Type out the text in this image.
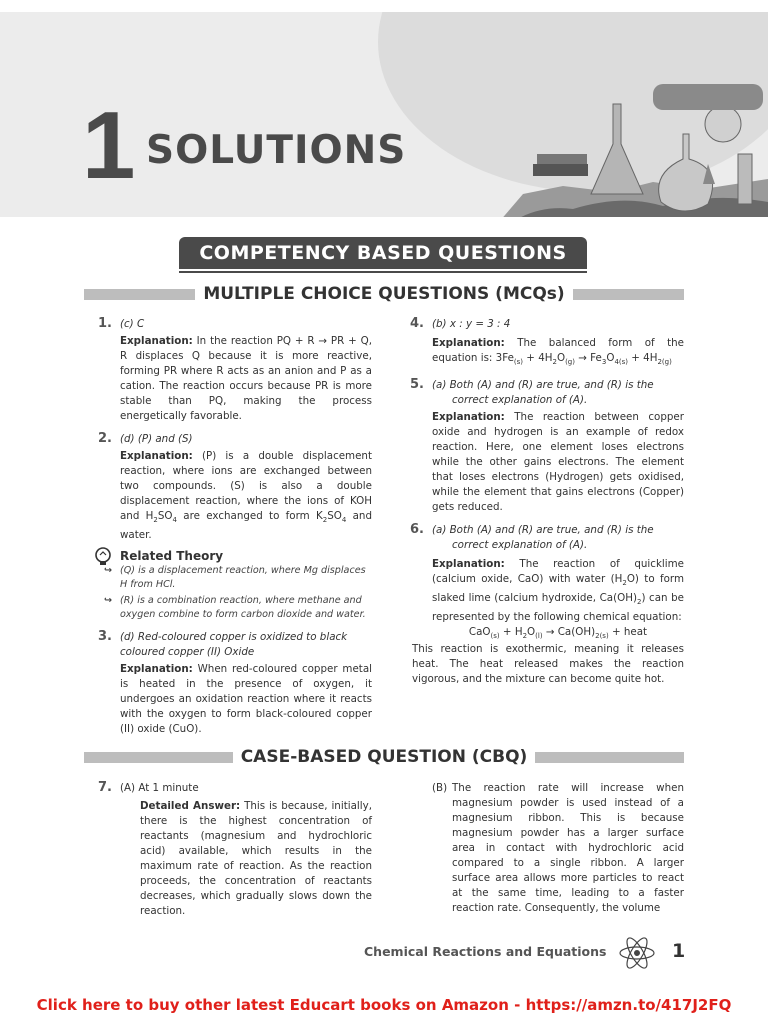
1 SOLUTIONS
COMPETENCY BASED QUESTIONS
MULTIPLE CHOICE QUESTIONS (MCQs)
1. (c) C

Explanation: In the reaction PQ + R → PR + Q, R displaces Q because it is more reactive, forming PR where R acts as an anion and P as a cation. The reaction occurs because PR is more stable than PQ, making the process energetically favorable.

2. (d) (P) and (S)

Explanation: (P) is a double displacement reaction, where ions are exchanged between two compounds. (S) is also a double displacement reaction, where the ions of KOH and $H_2SO_4$ are exchanged to form $K_2SO_4$ and water.

Related Theory
↪ (Q) is a displacement reaction, where Mg displaces H from HCl.
↪ (R) is a combination reaction, where methane and oxygen combine to form carbon dioxide and water.
3. (d) Red-coloured copper is oxidized to black coloured copper (II) Oxide

Explanation: When red-coloured copper metal is heated in the presence of oxygen, it undergoes an oxidation reaction where it reacts with the oxygen to form black-coloured copper (II) oxide (CuO).

4. (b) x : y = 3 : 4

Explanation: The balanced form of the equation is: $3Fe_{(s)} + 4H_2O_{(g)} \to Fe_3O_{4(s)} + 4H_{2(g)}$

5. (a) Both (A) and (R) are true, and (R) is the correct explanation of (A).

Explanation: The reaction between copper oxide and hydrogen is an example of redox reaction. Here, one element loses electrons while the other gains electrons. The element that loses electrons (Hydrogen) gets oxidised, while the element that gains electrons (Copper) gets reduced.

6. (a) Both (A) and (R) are true, and (R) is the correct explanation of (A).

Explanation: The reaction of quicklime (calcium oxide, CaO) with water $(H_2O)$ to form slaked lime (calcium hydroxide, $Ca(OH)_2$) can be represented by the following chemical equation:

$CaO_{(s)} + H_2O_{(l)} \to Ca(OH)_{2(s)}$ + heat

This reaction is exothermic, meaning it releases heat. The heat released makes the reaction vigorous, and the mixture can become quite hot.

CASE-BASED QUESTION (CBQ)
7. (A) At 1 minute

Detailed Answer: This is because, initially, there is the highest concentration of reactants (magnesium and hydrochloric acid) available, which results in the maximum rate of reaction. As the reaction proceeds, the concentration of reactants decreases, which gradually slows down the reaction.

(B) The reaction rate will increase when magnesium powder is used instead of a magnesium ribbon. This is because magnesium powder has a larger surface area in contact with hydrochloric acid compared to a single ribbon. A larger surface area allows more particles to react at the same time, leading to a faster reaction rate. Consequently, the volume

Chemical Reactions and Equations	1
Click here to buy other latest Educart books on Amazon - https://amzn.to/417J2FQ
